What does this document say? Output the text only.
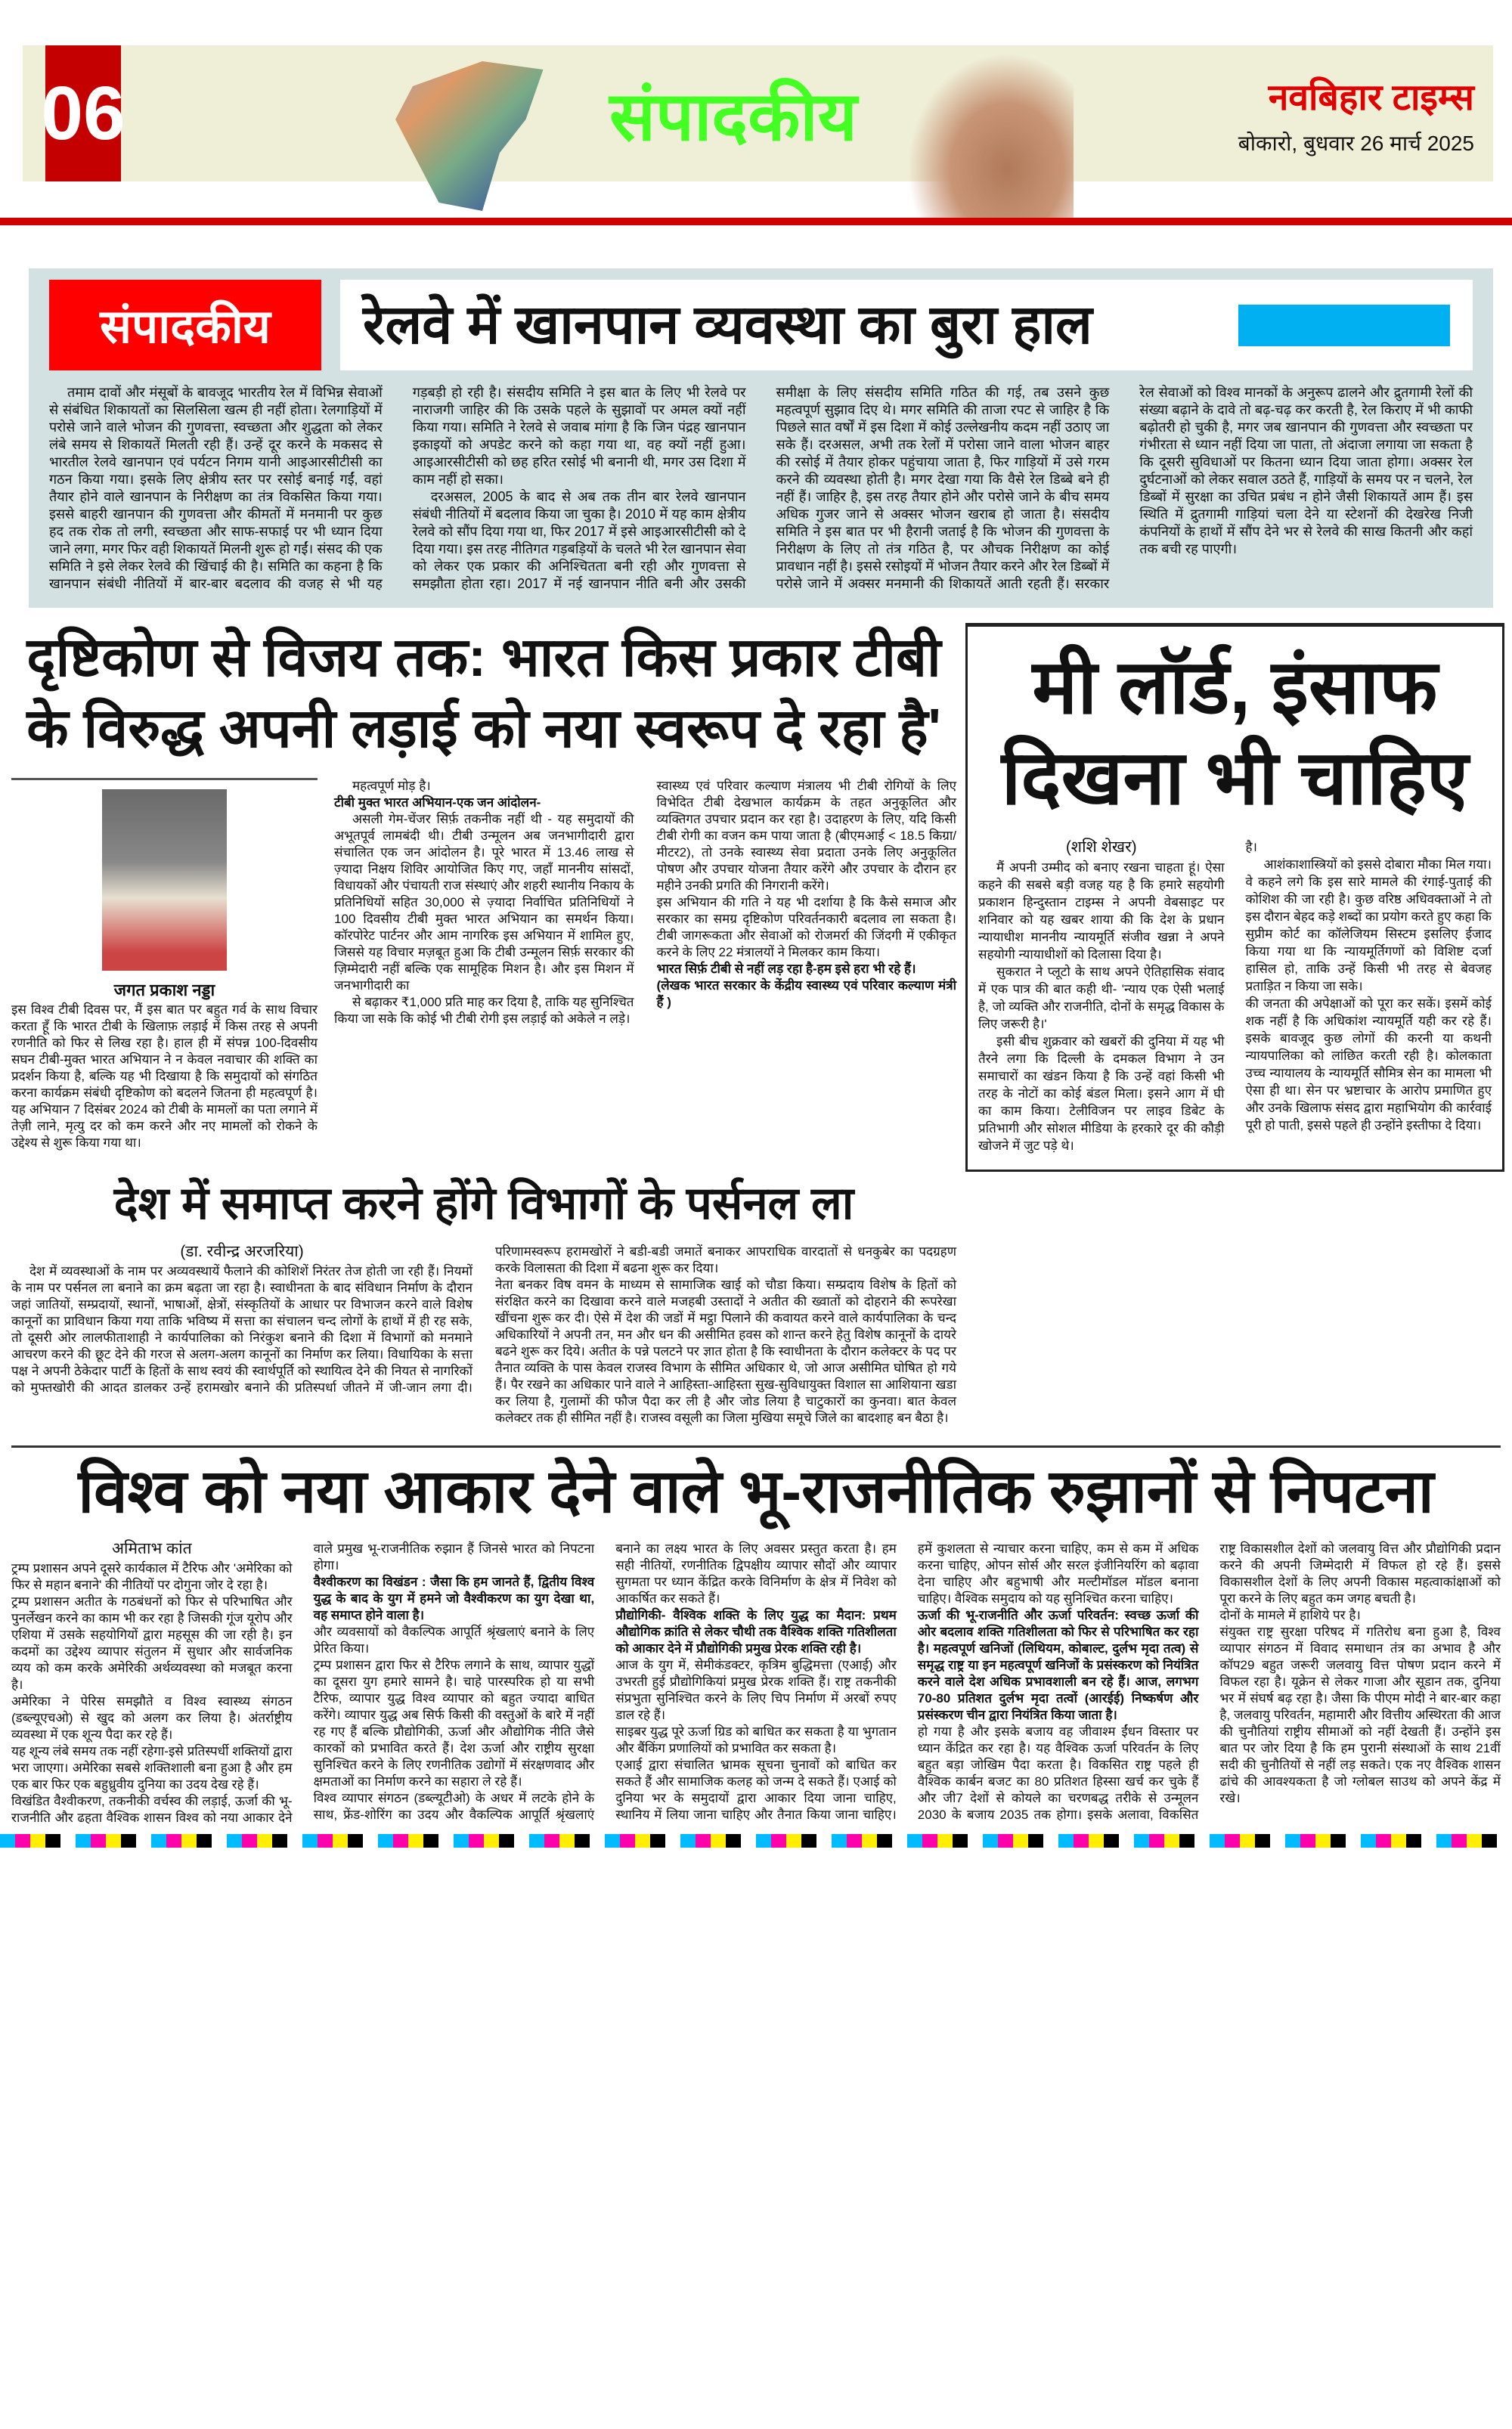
06	संपादकीय	नवबिहार टाइम्स
बोकारो, बुधवार 26 मार्च 2025
संपादकीय	रेलवे में खानपान व्यवस्था का बुरा हाल

तमाम दावों और मंसूबों के बावजूद भारतीय रेल में विभिन्न सेवाओं से संबंधित शिकायतों का सिलसिला खत्म ही नहीं होता। रेलगाड़ियों में परोसे जाने वाले भोजन की गुणवत्ता, स्वच्छता और शुद्धता को लेकर लंबे समय से शिकायतें मिलती रही हैं। उन्हें दूर करने के मकसद से भारतील रेलवे खानपान एवं पर्यटन निगम यानी आइआरसीटीसी का गठन किया गया। इसके लिए क्षेत्रीय स्तर पर रसोई बनाई गईं, वहां तैयार होने वाले खानपान के निरीक्षण का तंत्र विकसित किया गया। इससे बाहरी खानपान की गुणवत्ता और कीमतों में मनमानी पर कुछ हद तक रोक तो लगी, स्वच्छता और साफ-सफाई पर भी ध्यान दिया जाने लगा, मगर फिर वही शिकायतें मिलनी शुरू हो गईं। संसद की एक समिति ने इसे लेकर रेलवे की खिंचाई की है। समिति का कहना है कि खानपान संबंधी नीतियों में बार-बार बदलाव की वजह से भी यह गड़बड़ी हो रही है। संसदीय समिति ने इस बात के लिए भी रेलवे पर नाराजगी जाहिर की कि उसके पहले के सुझावों पर अमल क्यों नहीं किया गया। समिति ने रेलवे से जवाब मांगा है कि जिन पंद्रह खानपान इकाइयों को अपडेट करने को कहा गया था, वह क्यों नहीं हुआ। आइआरसीटीसी को छह हरित रसोई भी बनानी थी, मगर उस दिशा में काम नहीं हो सका।

दरअसल, 2005 के बाद से अब तक तीन बार रेलवे खानपान संबंधी नीतियों में बदलाव किया जा चुका है। 2010 में यह काम क्षेत्रीय रेलवे को सौंप दिया गया था, फिर 2017 में इसे आइआरसीटीसी को दे दिया गया। इस तरह नीतिगत गड़बड़ियों के चलते भी रेल खानपान सेवा को लेकर एक प्रकार की अनिश्चितता बनी रही और गुणवत्ता से समझौता होता रहा। 2017 में नई खानपान नीति बनी और उसकी समीक्षा के लिए संसदीय समिति गठित की गई, तब उसने कुछ महत्वपूर्ण सुझाव दिए थे। मगर समिति की ताजा रपट से जाहिर है कि पिछले सात वर्षों में इस दिशा में कोई उल्लेखनीय कदम नहीं उठाए जा सके हैं। दरअसल, अभी तक रेलों में परोसा जाने वाला भोजन बाहर की रसोई में तैयार होकर पहुंचाया जाता है, फिर गाड़ियों में उसे गरम करने की व्यवस्था होती है। मगर देखा गया कि वैसे रेल डिब्बे बने ही नहीं हैं। जाहिर है, इस तरह तैयार होने और परोसे जाने के बीच समय अधिक गुजर जाने से अक्सर भोजन खराब हो जाता है। संसदीय समिति ने इस बात पर भी हैरानी जताई है कि भोजन की गुणवत्ता के निरीक्षण के लिए तो तंत्र गठित है, पर औचक निरीक्षण का कोई प्रावधान नहीं है। इससे रसोइयों में भोजन तैयार करने और रेल डिब्बों में परोसे जाने में अक्सर मनमानी की शिकायतें आती रहती हैं। सरकार रेल सेवाओं को विश्व मानकों के अनुरूप ढालने और द्रुतगामी रेलों की संख्या बढ़ाने के दावे तो बढ़-चढ़ कर करती है, रेल किराए में भी काफी बढ़ोतरी हो चुकी है, मगर जब खानपान की गुणवत्ता और स्वच्छता पर गंभीरता से ध्यान नहीं दिया जा पाता, तो अंदाजा लगाया जा सकता है कि दूसरी सुविधाओं पर कितना ध्यान दिया जाता होगा। अक्सर रेल दुर्घटनाओं को लेकर सवाल उठते हैं, गाड़ियों के समय पर न चलने, रेल डिब्बों में सुरक्षा का उचित प्रबंध न होने जैसी शिकायतें आम हैं। इस स्थिति में द्रुतगामी गाड़ियां चला देने या स्टेशनों की देखरेख निजी कंपनियों के हाथों में सौंप देने भर से रेलवे की साख कितनी और कहां तक बची रह पाएगी।

दृष्टिकोण से विजय तक: भारत किस प्रकार टीबी के विरुद्ध अपनी लड़ाई को नया स्वरूप दे रहा है'
जगत प्रकाश नड्डा

इस विश्व टीबी दिवस पर, मैं इस बात पर बहुत गर्व के साथ विचार करता हूँ कि भारत टीबी के खिलाफ़ लड़ाई में किस तरह से अपनी रणनीति को फिर से लिख रहा है। हाल ही में संपन्न 100-दिवसीय सघन टीबी-मुक्त भारत अभियान ने न केवल नवाचार की शक्ति का प्रदर्शन किया है, बल्कि यह भी दिखाया है कि समुदायों को संगठित करना कार्यक्रम संबंधी दृष्टिकोण को बदलने जितना ही महत्वपूर्ण है। यह अभियान 7 दिसंबर 2024 को टीबी के मामलों का पता लगाने में तेज़ी लाने, मृत्यु दर को कम करने और नए मामलों को रोकने के उद्देश्य से शुरू किया गया था।

महत्वपूर्ण मोड़ है।

टीबी मुक्त भारत अभियान-एक जन आंदोलन-

असली गेम-चेंजर सिर्फ़ तकनीक नहीं थी - यह समुदायों की अभूतपूर्व लामबंदी थी। टीबी उन्मूलन अब जनभागीदारी द्वारा संचालित एक जन आंदोलन है। पूरे भारत में 13.46 लाख से ज़्यादा निक्षय शिविर आयोजित किए गए, जहाँ माननीय सांसदों, विधायकों और पंचायती राज संस्थाएं और शहरी स्थानीय निकाय के प्रतिनिधियों सहित 30,000 से ज़्यादा निर्वाचित प्रतिनिधियों ने 100 दिवसीय टीबी मुक्त भारत अभियान का समर्थन किया। कॉरपोरेट पार्टनर और आम नागरिक इस अभियान में शामिल हुए, जिससे यह विचार मज़बूत हुआ कि टीबी उन्मूलन सिर्फ़ सरकार की ज़िम्मेदारी नहीं बल्कि एक सामूहिक मिशन है। और इस मिशन में जनभागीदारी का

से बढ़ाकर ₹1,000 प्रति माह कर दिया है, ताकि यह सुनिश्चित किया जा सके कि कोई भी टीबी रोगी इस लड़ाई को अकेले न लड़े।

स्वास्थ्य एवं परिवार कल्याण मंत्रालय भी टीबी रोगियों के लिए विभेदित टीबी देखभाल कार्यक्रम के तहत अनुकूलित और व्यक्तिगत उपचार प्रदान कर रहा है। उदाहरण के लिए, यदि किसी टीबी रोगी का वजन कम पाया जाता है (बीएमआई < 18.5 किग्रा/ मीटर2), तो उनके स्वास्थ्य सेवा प्रदाता उनके लिए अनुकूलित पोषण और उपचार योजना तैयार करेंगे और उपचार के दौरान हर महीने उनकी प्रगति की निगरानी करेंगे।

इस अभियान की गति ने यह भी दर्शाया है कि कैसे समाज और सरकार का समग्र दृष्टिकोण परिवर्तनकारी बदलाव ला सकता है। टीबी जागरूकता और सेवाओं को रोजमर्रा की जिंदगी में एकीकृत करने के लिए 22 मंत्रालयों ने मिलकर काम किया।

भारत सिर्फ़ टीबी से नहीं लड़ रहा है-हम इसे हरा भी रहे हैं।

(लेखक भारत सरकार के केंद्रीय स्वास्थ्य एवं परिवार कल्याण मंत्री हैं )

देश में समाप्त करने होंगे विभागों के पर्सनल ला

(डा. रवीन्द्र अरजरिया)

देश में व्यवस्थाओं के नाम पर अव्यवस्थायें फैलाने की कोशिशें निरंतर तेज होती जा रही हैं। नियमों के नाम पर पर्सनल ला बनाने का क्रम बढ़ता जा रहा है। स्वाधीनता के बाद संविधान निर्माण के दौरान जहां जातियों, सम्प्रदायों, स्थानों, भाषाओं, क्षेत्रों, संस्कृतियों के आधार पर विभाजन करने वाले विशेष कानूनों का प्राविधान किया गया ताकि भविष्य में सत्ता का संचालन चन्द लोगों के हाथों में ही रह सके, तो दूसरी ओर लालफीताशाही ने कार्यपालिका को निरंकुश बनाने की दिशा में विभागों को मनमाने आचरण करने की छूट देने की गरज से अलग-अलग कानूनों का निर्माण कर लिया। विधायिका के सत्ता पक्ष ने अपनी ठेकेदार पार्टी के हितों के साथ स्वयं की स्वार्थपूर्ति को स्थायित्व देने की नियत से नागरिकों को मुफ्तखोरी की आदत डालकर उन्हें हरामखोर बनाने की प्रतिस्पर्धा जीतने में जी-जान लगा दी। परिणामस्वरूप हरामखोरों ने बडी-बडी जमातें बनाकर आपराधिक वारदातों से धनकुबेर का पदग्रहण करके विलासता की दिशा में बढना शुरू कर दिया।

नेता बनकर विष वमन के माध्यम से सामाजिक खाई को चौडा किया। सम्प्रदाय विशेष के हितों को संरक्षित करने का दिखावा करने वाले मजहबी उस्तादों ने अतीत की ख्वातों को दोहराने की रूपरेखा खींचना शुरू कर दी। ऐसे में देश की जडों में मट्ठा पिलाने की कवायत करने वाले कार्यपालिका के चन्द अधिकारियों ने अपनी तन, मन और धन की असीमित हवस को शान्त करने हेतु विशेष कानूनों के दायरे बढने शुरू कर दिये। अतीत के पन्ने पलटने पर ज्ञात होता है कि स्वाधीनता के दौरान कलेक्टर के पद पर तैनात व्यक्ति के पास केवल राजस्व विभाग के सीमित अधिकार थे, जो आज असीमित घोषित हो गये हैं। पैर रखने का अधिकार पाने वाले ने आहिस्ता-आहिस्ता सुख-सुविधायुक्त विशाल सा आशियाना खडा कर लिया है, गुलामों की फौज पैदा कर ली है और जोड लिया है चाटुकारों का कुनवा। बात केवल कलेक्टर तक ही सीमित नहीं है। राजस्व वसूली का जिला मुखिया समूचे जिले का बादशाह बन बैठा है।

मी लॉर्ड, इंसाफ दिखना भी चाहिए

(शशि शेखर)

मैं अपनी उम्मीद को बनाए रखना चाहता हूं। ऐसा कहने की सबसे बड़ी वजह यह है कि हमारे सहयोगी प्रकाशन हिन्दुस्तान टाइम्स ने अपनी वेबसाइट पर शनिवार को यह खबर शाया की कि देश के प्रधान न्यायाधीश माननीय न्यायमूर्ति संजीव खन्ना ने अपने सहयोगी न्यायाधीशों को दिलासा दिया है।

सुकरात ने प्लूटो के साथ अपने ऐतिहासिक संवाद में एक पात्र की बात कही थी- 'न्याय एक ऐसी भलाई है, जो व्यक्ति और राजनीति, दोनों के समृद्ध विकास के लिए जरूरी है।'

इसी बीच शुक्रवार को खबरों की दुनिया में यह भी तैरने लगा कि दिल्ली के दमकल विभाग ने उन समाचारों का खंडन किया है कि उन्हें वहां किसी भी तरह के नोटों का कोई बंडल मिला। इसने आग में घी का काम किया। टेलीविजन पर लाइव डिबेट के प्रतिभागी और सोशल मीडिया के हरकारे दूर की कौड़ी खोजने में जुट पड़े थे।

है।

आशंकाशास्त्रियों को इससे दोबारा मौका मिल गया। वे कहने लगे कि इस सारे मामले की रंगाई-पुताई की कोशिश की जा रही है। कुछ वरिष्ठ अधिवक्ताओं ने तो इस दौरान बेहद कड़े शब्दों का प्रयोग करते हुए कहा कि सुप्रीम कोर्ट का कॉलेजियम सिस्टम इसलिए ईजाद किया गया था कि न्यायमूर्तिगणों को विशिष्ट दर्जा हासिल हो, ताकि उन्हें किसी भी तरह से बेवजह प्रताड़ित न किया जा सके।

की जनता की अपेक्षाओं को पूरा कर सकें। इसमें कोई शक नहीं है कि अधिकांश न्यायमूर्ति यही कर रहे हैं। इसके बावजूद कुछ लोगों की करनी या कथनी न्यायपालिका को लांछित करती रही है। कोलकाता उच्च न्यायालय के न्यायमूर्ति सौमित्र सेन का मामला भी ऐसा ही था। सेन पर भ्रष्टाचार के आरोप प्रमाणित हुए और उनके खिलाफ संसद द्वारा महाभियोग की कार्रवाई पूरी हो पाती, इससे पहले ही उन्होंने इस्तीफा दे दिया।

विश्व को नया आकार देने वाले भू-राजनीतिक रुझानों से निपटना

अमिताभ कांत

ट्रम्प प्रशासन अपने दूसरे कार्यकाल में टैरिफ और 'अमेरिका को फिर से महान बनाने' की नीतियों पर दोगुना जोर दे रहा है।

ट्रम्प प्रशासन अतीत के गठबंधनों को फिर से परिभाषित और पुनर्लेखन करने का काम भी कर रहा है जिसकी गूंज यूरोप और एशिया में उसके सहयोगियों द्वारा महसूस की जा रही है। इन कदमों का उद्देश्य व्यापार संतुलन में सुधार और सार्वजनिक व्यय को कम करके अमेरिकी अर्थव्यवस्था को मजबूत करना है।

अमेरिका ने पेरिस समझौते व विश्व स्वास्थ्य संगठन (डब्ल्यूएचओ) से खुद को अलग कर लिया है। अंतर्राष्ट्रीय व्यवस्था में एक शून्य पैदा कर रहे हैं।

यह शून्य लंबे समय तक नहीं रहेगा-इसे प्रतिस्पर्धी शक्तियों द्वारा भरा जाएगा। अमेरिका सबसे शक्तिशाली बना हुआ है और हम एक बार फिर एक बहुध्रुवीय दुनिया का उदय देख रहे हैं।

विखंडित वैश्वीकरण, तकनीकी वर्चस्व की लड़ाई, ऊर्जा की भू-राजनीति और ढहता वैश्विक शासन विश्व को नया आकार देने वाले प्रमुख भू-राजनीतिक रुझान हैं जिनसे भारत को निपटना होगा।

वैश्वीकरण का विखंडन : जैसा कि हम जानते हैं, द्वितीय विश्व युद्ध के बाद के युग में हमने जो वैश्वीकरण का युग देखा था, वह समाप्त होने वाला है।

और व्यवसायों को वैकल्पिक आपूर्ति श्रृंखलाएं बनाने के लिए प्रेरित किया।

ट्रम्प प्रशासन द्वारा फिर से टैरिफ लगाने के साथ, व्यापार युद्धों का दूसरा युग हमारे सामने है। चाहे पारस्परिक हो या सभी टैरिफ, व्यापार युद्ध विश्व व्यापार को बहुत ज्यादा बाधित करेंगे। व्यापार युद्ध अब सिर्फ किसी की वस्तुओं के बारे में नहीं रह गए हैं बल्कि प्रौद्योगिकी, ऊर्जा और औद्योगिक नीति जैसे कारकों को प्रभावित करते हैं। देश ऊर्जा और राष्ट्रीय सुरक्षा सुनिश्चित करने के लिए रणनीतिक उद्योगों में संरक्षणवाद और क्षमताओं का निर्माण करने का सहारा ले रहे हैं।

विश्व व्यापार संगठन (डब्ल्यूटीओ) के अधर में लटके होने के साथ, फ्रेंड-शोरिंग का उदय और वैकल्पिक आपूर्ति श्रृंखलाएं बनाने का लक्ष्य भारत के लिए अवसर प्रस्तुत करता है। हम सही नीतियों, रणनीतिक द्विपक्षीय व्यापार सौदों और व्यापार सुगमता पर ध्यान केंद्रित करके विनिर्माण के क्षेत्र में निवेश को आकर्षित कर सकते हैं।

प्रौद्योगिकी- वैश्विक शक्ति के लिए युद्ध का मैदान: प्रथम औद्योगिक क्रांति से लेकर चौथी तक वैश्विक शक्ति गतिशीलता को आकार देने में प्रौद्योगिकी प्रमुख प्रेरक शक्ति रही है।

आज के युग में, सेमीकंडक्टर, कृत्रिम बुद्धिमत्ता (एआई) और उभरती हुई प्रौद्योगिकियां प्रमुख प्रेरक शक्ति हैं। राष्ट्र तकनीकी संप्रभुता सुनिश्चित करने के लिए चिप निर्माण में अरबों रुपए डाल रहे हैं।

साइबर युद्ध पूरे ऊर्जा ग्रिड को बाधित कर सकता है या भुगतान और बैंकिंग प्रणालियों को प्रभावित कर सकता है।

एआई द्वारा संचालित भ्रामक सूचना चुनावों को बाधित कर सकते हैं और सामाजिक कलह को जन्म दे सकते हैं। एआई को दुनिया भर के समुदायों द्वारा आकार दिया जाना चाहिए, स्थानिय में लिया जाना चाहिए और तैनात किया जाना चाहिए। हमें कुशलता से न्याचार करना चाहिए, कम से कम में अधिक करना चाहिए, ओपन सोर्स और सरल इंजीनियरिंग को बढ़ावा देना चाहिए और बहुभाषी और मल्टीमॉडल मॉडल बनाना चाहिए। वैश्विक समुदाय को यह सुनिश्चित करना चाहिए।

ऊर्जा की भू-राजनीति और ऊर्जा परिवर्तन: स्वच्छ ऊर्जा की ओर बदलाव शक्ति गतिशीलता को फिर से परिभाषित कर रहा है। महत्वपूर्ण खनिजों (लिथियम, कोबाल्ट, दुर्लभ मृदा तत्व) से समृद्ध राष्ट्र या इन महत्वपूर्ण खनिजों के प्रसंस्करण को नियंत्रित करने वाले देश अधिक प्रभावशाली बन रहे हैं। आज, लगभग 70-80 प्रतिशत दुर्लभ मृदा तत्वों (आरईई) निष्कर्षण और प्रसंस्करण चीन द्वारा नियंत्रित किया जाता है।

हो गया है और इसके बजाय वह जीवाश्म ईंधन विस्तार पर ध्यान केंद्रित कर रहा है। यह वैश्विक ऊर्जा परिवर्तन के लिए बहुत बड़ा जोखिम पैदा करता है। विकसित राष्ट्र पहले ही वैश्विक कार्बन बजट का 80 प्रतिशत हिस्सा खर्च कर चुके हैं और जी7 देशों से कोयले का चरणबद्ध तरीके से उन्मूलन 2030 के बजाय 2035 तक होगा। इसके अलावा, विकसित राष्ट्र विकासशील देशों को जलवायु वित्त और प्रौद्योगिकी प्रदान करने की अपनी जिम्मेदारी में विफल हो रहे हैं। इससे विकासशील देशों के लिए अपनी विकास महत्वाकांक्षाओं को पूरा करने के लिए बहुत कम जगह बचती है।

दोनों के मामले में हाशिये पर है।

संयुक्त राष्ट्र सुरक्षा परिषद में गतिरोध बना हुआ है, विश्व व्यापार संगठन में विवाद समाधान तंत्र का अभाव है और कॉप29 बहुत जरूरी जलवायु वित्त पोषण प्रदान करने में विफल रहा है। यूक्रेन से लेकर गाजा और सूडान तक, दुनिया भर में संघर्ष बढ़ रहा है। जैसा कि पीएम मोदी ने बार-बार कहा है, जलवायु परिवर्तन, महामारी और वित्तीय अस्थिरता की आज की चुनौतियां राष्ट्रीय सीमाओं को नहीं देखती हैं। उन्होंने इस बात पर जोर दिया है कि हम पुरानी संस्थाओं के साथ 21वीं सदी की चुनौतियों से नहीं लड़ सकते। एक नए वैश्विक शासन ढांचे की आवश्यकता है जो ग्लोबल साउथ को अपने केंद्र में रखे।
